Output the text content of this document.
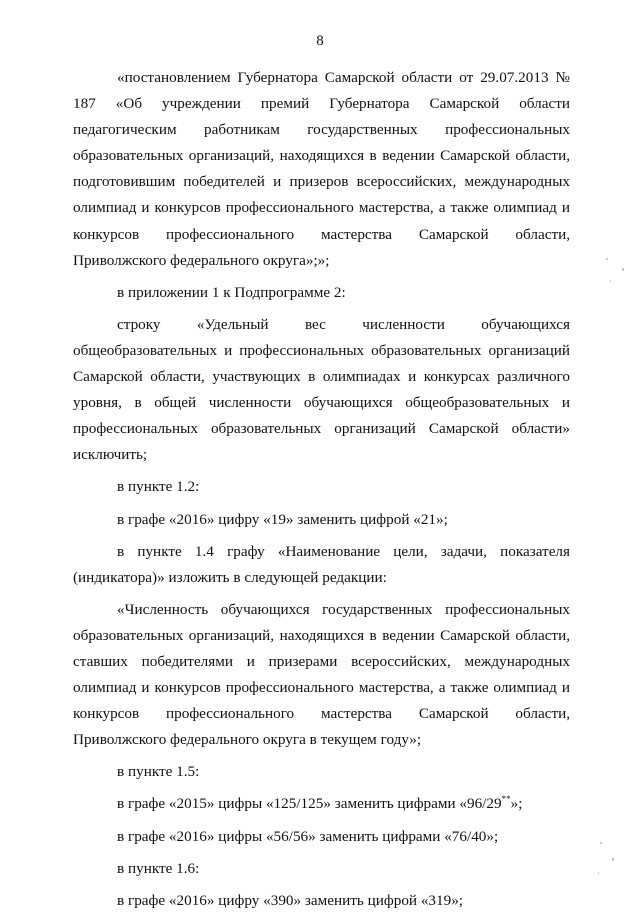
8

«постановлением Губернатора Самарской области от 29.07.2013 № 187 «Об учреждении премий Губернатора Самарской области педагогическим работникам государственных профессиональных образовательных организаций, находящихся в ведении Самарской области, подготовившим победителей и призеров всероссийских, международных олимпиад и конкурсов профессионального мастерства, а также олимпиад и конкурсов профессионального мастерства Самарской области, Приволжского федерального округа»;»;

в приложении 1 к Подпрограмме 2:

строку «Удельный вес численности обучающихся общеобразовательных и профессиональных образовательных организаций Самарской области, участвующих в олимпиадах и конкурсах различного уровня, в общей численности обучающихся общеобразовательных и профессиональных образовательных организаций Самарской области» исключить;

в пункте 1.2:

в графе «2016» цифру «19» заменить цифрой «21»;

в пункте 1.4 графу «Наименование цели, задачи, показателя (индикатора)» изложить в следующей редакции:

«Численность обучающихся государственных профессиональных образовательных организаций, находящихся в ведении Самарской области, ставших победителями и призерами всероссийских, международных олимпиад и конкурсов профессионального мастерства, а также олимпиад и конкурсов профессионального мастерства Самарской области, Приволжского федерального округа в текущем году»;

в пункте 1.5:

в графе «2015» цифры «125/125» заменить цифрами «96/29**»;

в графе «2016» цифры «56/56» заменить цифрами «76/40»;

в пункте 1.6:

в графе «2016» цифру «390» заменить цифрой «319»;
